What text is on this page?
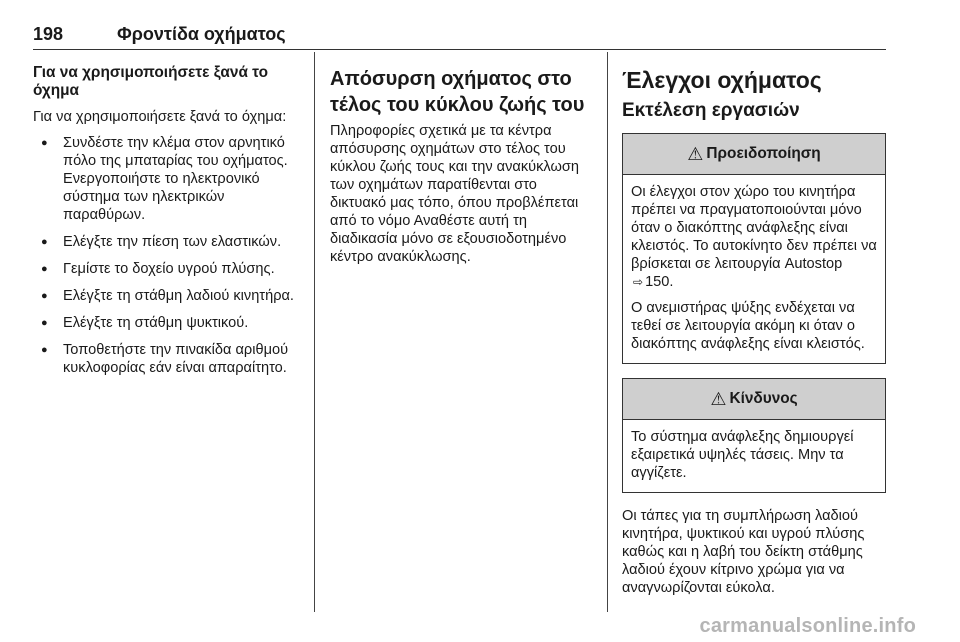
198	Φροντίδα οχήματος
Για να χρησιμοποιήσετε ξανά το όχημα

Για να χρησιμοποιήσετε ξανά το όχημα:

● Συνδέστε την κλέμα στον αρνητικό πόλο της μπαταρίας του οχήματος. Ενεργοποιήστε το ηλεκτρονικό σύστημα των ηλεκτρικών παραθύρων.
● Ελέγξτε την πίεση των ελαστικών.
● Γεμίστε το δοχείο υγρού πλύσης.
● Ελέγξτε τη στάθμη λαδιού κινητήρα.
● Ελέγξτε τη στάθμη ψυκτικού.
● Τοποθετήστε την πινακίδα αριθμού κυκλοφορίας εάν είναι απαραίτητο.
Απόσυρση οχήματος στο τέλος του κύκλου ζωής του

Πληροφορίες σχετικά με τα κέντρα απόσυρσης οχημάτων στο τέλος του κύκλου ζωής τους και την ανακύκλωση των οχημάτων παρατίθενται στο δικτυακό μας τόπο, όπου προβλέπεται από το νόμο Αναθέστε αυτή τη διαδικασία μόνο σε εξουσιοδοτημένο κέντρο ανακύκλωσης.

Έλεγχοι οχήματος
Εκτέλεση εργασιών
⚠ Προειδοποίηση

Οι έλεγχοι στον χώρο του κινητήρα πρέπει να πραγματοποιούνται μόνο όταν ο διακόπτης ανάφλεξης είναι κλειστός. Το αυτοκίνητο δεν πρέπει να βρίσκεται σε λειτουργία Autostop ⇨ 150.

Ο ανεμιστήρας ψύξης ενδέχεται να τεθεί σε λειτουργία ακόμη κι όταν ο διακόπτης ανάφλεξης είναι κλειστός.

⚠ Κίνδυνος

Το σύστημα ανάφλεξης δημιουργεί εξαιρετικά υψηλές τάσεις. Μην τα αγγίζετε.

Οι τάπες για τη συμπλήρωση λαδιού κινητήρα, ψυκτικού και υγρού πλύσης καθώς και η λαβή του δείκτη στάθμης λαδιού έχουν κίτρινο χρώμα για να αναγνωρίζονται εύκολα.

carmanualsonline.info
